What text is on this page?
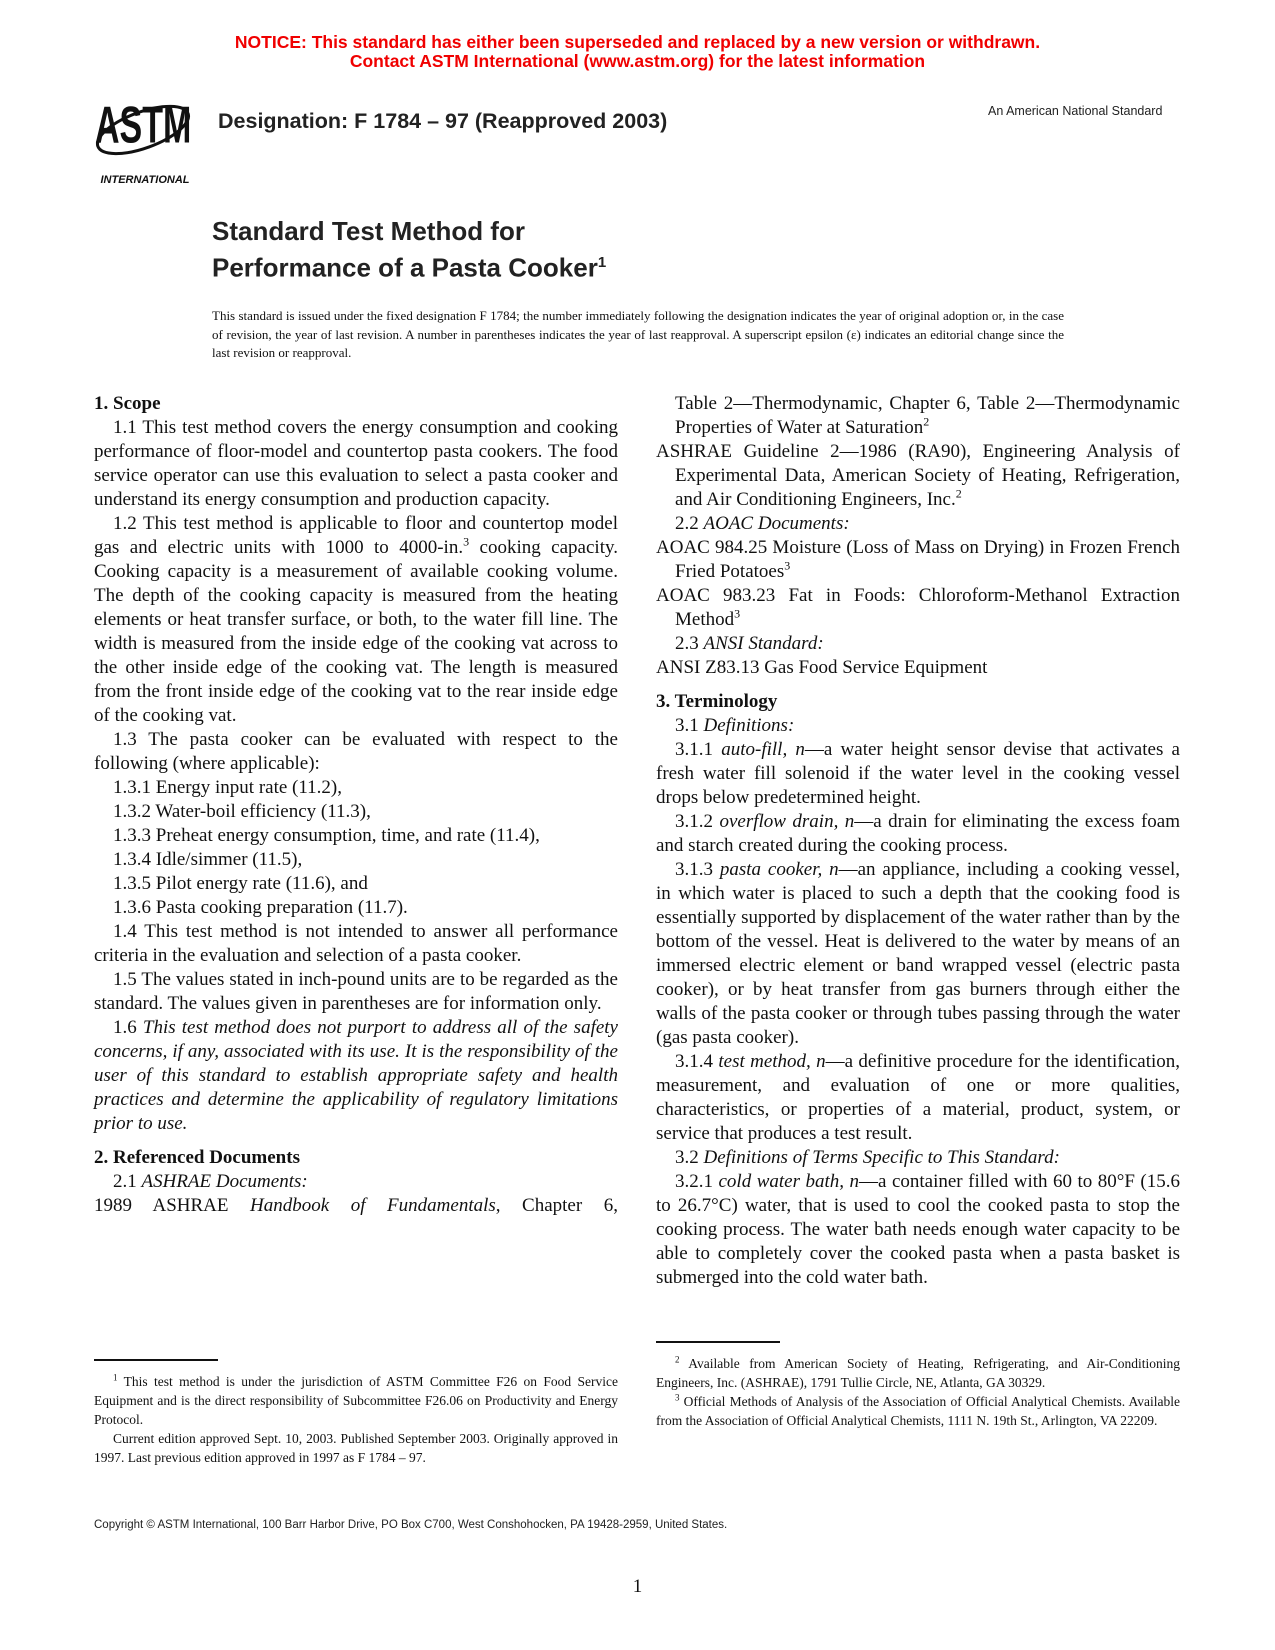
NOTICE: This standard has either been superseded and replaced by a new version or withdrawn.
Contact ASTM International (www.astm.org) for the latest information
ASTM
INTERNATIONAL
Designation: F 1784 – 97 (Reapproved 2003)	An American National Standard
Standard Test Method for
Performance of a Pasta Cooker$^1$
This standard is issued under the fixed designation F 1784; the number immediately following the designation indicates the year of original adoption or, in the case of revision, the year of last revision. A number in parentheses indicates the year of last reapproval. A superscript epsilon (ε) indicates an editorial change since the last revision or reapproval.
1. Scope

1.1 This test method covers the energy consumption and cooking performance of floor-model and countertop pasta cookers. The food service operator can use this evaluation to select a pasta cooker and understand its energy consumption and production capacity.

1.2 This test method is applicable to floor and countertop model gas and electric units with 1000 to 4000-in.$^3$ cooking capacity. Cooking capacity is a measurement of available cooking volume. The depth of the cooking capacity is measured from the heating elements or heat transfer surface, or both, to the water fill line. The width is measured from the inside edge of the cooking vat across to the other inside edge of the cooking vat. The length is measured from the front inside edge of the cooking vat to the rear inside edge of the cooking vat.

1.3 The pasta cooker can be evaluated with respect to the following (where applicable):

1.3.1 Energy input rate (11.2),

1.3.2 Water-boil efficiency (11.3),

1.3.3 Preheat energy consumption, time, and rate (11.4),

1.3.4 Idle/simmer (11.5),

1.3.5 Pilot energy rate (11.6), and

1.3.6 Pasta cooking preparation (11.7).

1.4 This test method is not intended to answer all performance criteria in the evaluation and selection of a pasta cooker.

1.5 The values stated in inch-pound units are to be regarded as the standard. The values given in parentheses are for information only.

1.6 This test method does not purport to address all of the safety concerns, if any, associated with its use. It is the responsibility of the user of this standard to establish appropriate safety and health practices and determine the applicability of regulatory limitations prior to use.

2. Referenced Documents

2.1 ASHRAE Documents:

1989 ASHRAE Handbook of Fundamentals, Chapter 6,

Table 2—Thermodynamic, Chapter 6, Table 2—Thermodynamic Properties of Water at Saturation$^2$

ASHRAE Guideline 2—1986 (RA90), Engineering Analysis of Experimental Data, American Society of Heating, Refrigeration, and Air Conditioning Engineers, Inc.$^2$

2.2 AOAC Documents:

AOAC 984.25 Moisture (Loss of Mass on Drying) in Frozen French Fried Potatoes$^3$

AOAC 983.23 Fat in Foods: Chloroform-Methanol Extraction Method$^3$

2.3 ANSI Standard:

ANSI Z83.13 Gas Food Service Equipment

3. Terminology

3.1 Definitions:

3.1.1 auto-fill, n—a water height sensor devise that activates a fresh water fill solenoid if the water level in the cooking vessel drops below predetermined height.

3.1.2 overflow drain, n—a drain for eliminating the excess foam and starch created during the cooking process.

3.1.3 pasta cooker, n—an appliance, including a cooking vessel, in which water is placed to such a depth that the cooking food is essentially supported by displacement of the water rather than by the bottom of the vessel. Heat is delivered to the water by means of an immersed electric element or band wrapped vessel (electric pasta cooker), or by heat transfer from gas burners through either the walls of the pasta cooker or through tubes passing through the water (gas pasta cooker).

3.1.4 test method, n—a definitive procedure for the identification, measurement, and evaluation of one or more qualities, characteristics, or properties of a material, product, system, or service that produces a test result.

3.2 Definitions of Terms Specific to This Standard:

3.2.1 cold water bath, n—a container filled with 60 to 80°F (15.6 to 26.7°C) water, that is used to cool the cooked pasta to stop the cooking process. The water bath needs enough water capacity to be able to completely cover the cooked pasta when a pasta basket is submerged into the cold water bath.

$^1$ This test method is under the jurisdiction of ASTM Committee F26 on Food Service Equipment and is the direct responsibility of Subcommittee F26.06 on Productivity and Energy Protocol.

Current edition approved Sept. 10, 2003. Published September 2003. Originally approved in 1997. Last previous edition approved in 1997 as F 1784 – 97.

$^2$ Available from American Society of Heating, Refrigerating, and Air-Conditioning Engineers, Inc. (ASHRAE), 1791 Tullie Circle, NE, Atlanta, GA 30329.

$^3$ Official Methods of Analysis of the Association of Official Analytical Chemists. Available from the Association of Official Analytical Chemists, 1111 N. 19th St., Arlington, VA 22209.

Copyright © ASTM International, 100 Barr Harbor Drive, PO Box C700, West Conshohocken, PA 19428-2959, United States.
1
